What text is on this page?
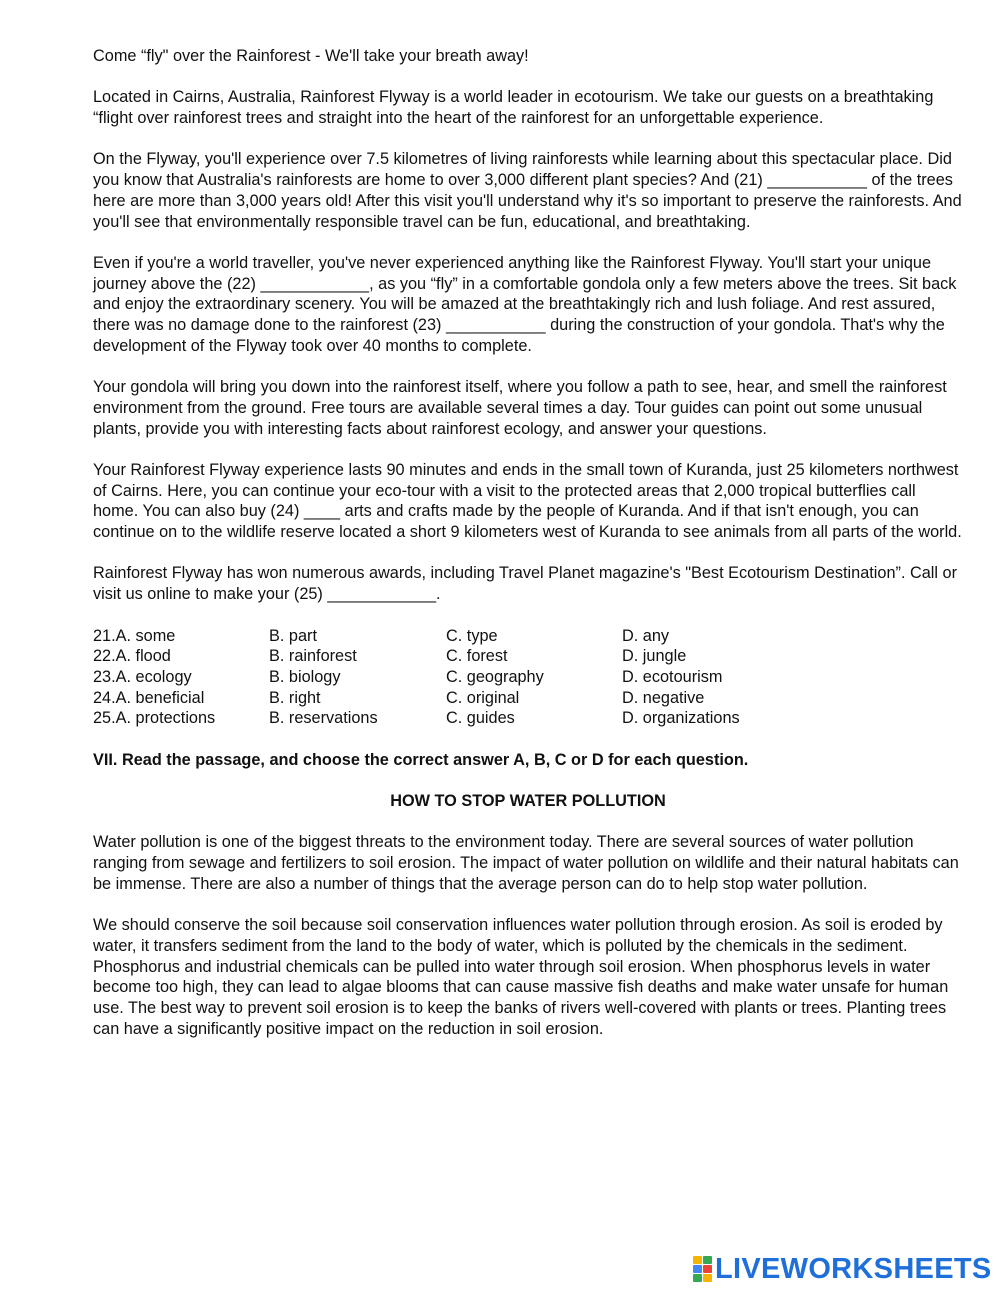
Come “fly" over the Rainforest - We'll take your breath away!

Located in Cairns, Australia, Rainforest Flyway is a world leader in ecotourism. We take our guests on a breathtaking “flight over rainforest trees and straight into the heart of the rainforest for an unforgettable experience.

On the Flyway, you'll experience over 7.5 kilometres of living rainforests while learning about this spectacular place. Did you know that Australia's rainforests are home to over 3,000 different plant species? And (21) ___________ of the trees here are more than 3,000 years old! After this visit you'll understand why it's so important to preserve the rainforests. And you'll see that environmentally responsible travel can be fun, educational, and breathtaking.

Even if you're a world traveller, you've never experienced anything like the Rainforest Flyway. You'll start your unique journey above the (22) ____________, as you “fly” in a comfortable gondola only a few meters above the trees. Sit back and enjoy the extraordinary scenery. You will be amazed at the breathtakingly rich and lush foliage. And rest assured, there was no damage done to the rainforest (23) ___________ during the construction of your gondola. That's why the development of the Flyway took over 40 months to complete.

Your gondola will bring you down into the rainforest itself, where you follow a path to see, hear, and smell the rainforest environment from the ground. Free tours are available several times a day. Tour guides can point out some unusual plants, provide you with interesting facts about rainforest ecology, and answer your questions.

Your Rainforest Flyway experience lasts 90 minutes and ends in the small town of Kuranda, just 25 kilometers northwest of Cairns. Here, you can continue your eco-tour with a visit to the protected areas that 2,000 tropical butterflies call home. You can also buy (24) ____ arts and crafts made by the people of Kuranda. And if that isn't enough, you can continue on to the wildlife reserve located a short 9 kilometers west of Kuranda to see animals from all parts of the world.

Rainforest Flyway has won numerous awards, including Travel Planet magazine's "Best Ecotourism Destination”. Call or visit us online to make your (25) ____________.

21.A. some	B. part	C. type	D. any
22.A. flood	B. rainforest	C. forest	D. jungle
23.A. ecology	B. biology	C. geography	D. ecotourism
24.A. beneficial	B. right	C. original	D. negative
25.A. protections	B. reservations	C. guides	D. organizations

VII. Read the passage, and choose the correct answer A, B, C or D for each question.

HOW TO STOP WATER POLLUTION

Water pollution is one of the biggest threats to the environment today. There are several sources of water pollution ranging from sewage and fertilizers to soil erosion. The impact of water pollution on wildlife and their natural habitats can be immense. There are also a number of things that the average person can do to help stop water pollution.

We should conserve the soil because soil conservation influences water pollution through erosion. As soil is eroded by water, it transfers sediment from the land to the body of water, which is polluted by the chemicals in the sediment. Phosphorus and industrial chemicals can be pulled into water through soil erosion. When phosphorus levels in water become too high, they can lead to algae blooms that can cause massive fish deaths and make water unsafe for human use. The best way to prevent soil erosion is to keep the banks of rivers well-covered with plants or trees. Planting trees can have a significantly positive impact on the reduction in soil erosion.

LIVEWORKSHEETS
